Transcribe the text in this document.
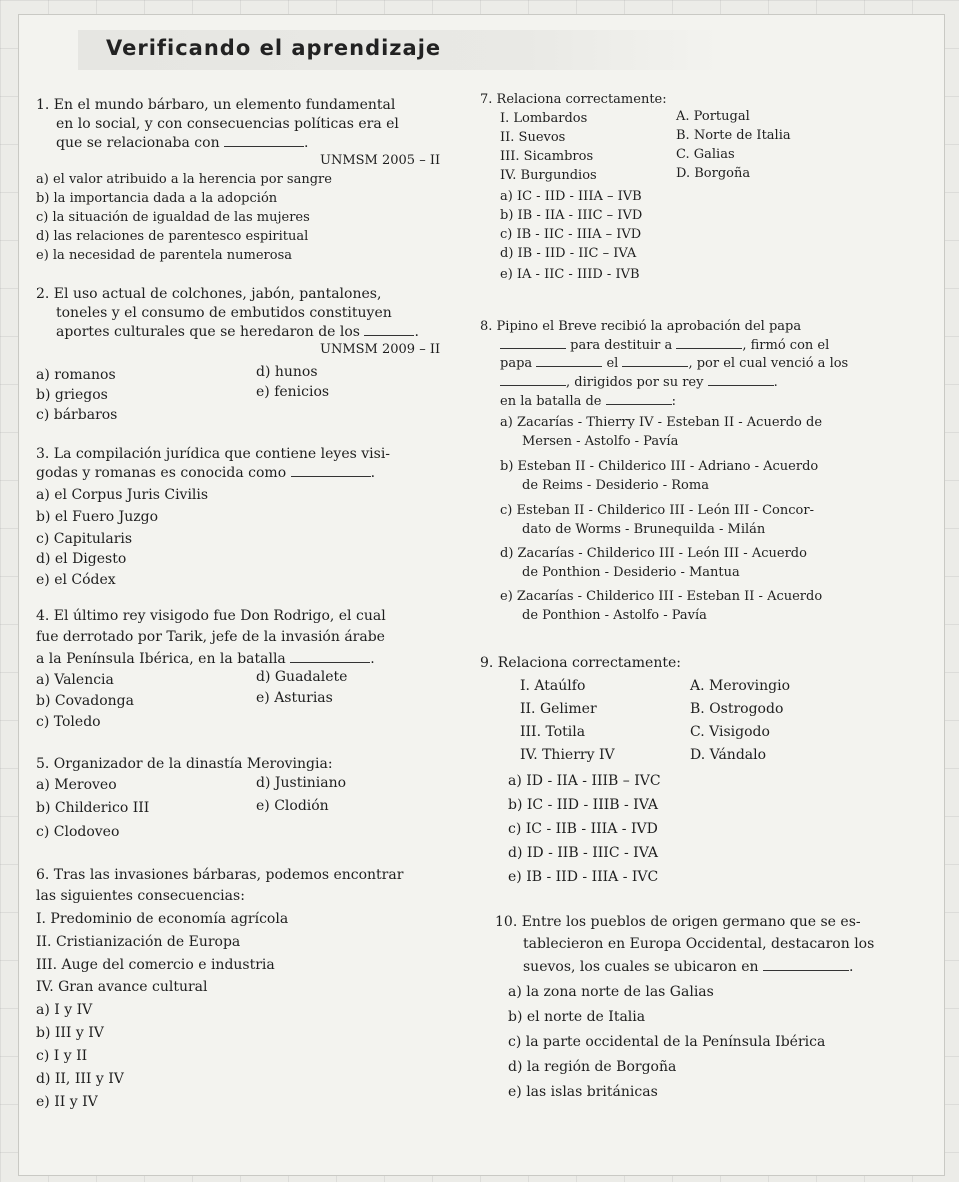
Verificando el aprendizaje
1. En el mundo bárbaro, un elemento fundamental
en lo social, y con consecuencias políticas era el
que se relacionaba con	.
UNMSM 2005 – II
a) el valor atribuido a la herencia por sangre
b) la importancia dada a la adopción
c) la situación de igualdad de las mujeres
d) las relaciones de parentesco espiritual
e) la necesidad de parentela numerosa
2. El uso actual de colchones, jabón, pantalones,
toneles y el consumo de embutidos constituyen
aportes culturales que se heredaron de los	.
UNMSM 2009 – II
a) romanos	d) hunos
b) griegos	e) fenicios
c) bárbaros
3. La compilación jurídica que contiene leyes visi-
godas y romanas es conocida como	.
a) el Corpus Juris Civilis
b) el Fuero Juzgo
c) Capitularis
d) el Digesto
e) el Códex
4. El último rey visigodo fue Don Rodrigo, el cual
fue derrotado por Tarik, jefe de la invasión árabe
a la Península Ibérica, en la batalla	.
a) Valencia	d) Guadalete
b) Covadonga	e) Asturias
c) Toledo
5. Organizador de la dinastía Merovingia:
a) Meroveo	d) Justiniano
b) Childerico III	e) Clodión
c) Clodoveo
6. Tras las invasiones bárbaras, podemos encontrar
las siguientes consecuencias:
I. Predominio de economía agrícola
II. Cristianización de Europa
III. Auge del comercio e industria
IV. Gran avance cultural
a) I y IV
b) III y IV
c) I y II
d) II, III y IV
e) II y IV
7. Relaciona correctamente:
I. Lombardos	A. Portugal
II. Suevos	B. Norte de Italia
III. Sicambros	C. Galias
IV. Burgundios	D. Borgoña
a) IC - IID - IIIA – IVB
b) IB - IIA - IIIC – IVD
c) IB - IIC - IIIA – IVD
d) IB - IID - IIC – IVA
e) IA - IIC - IIID - IVB
8. Pipino el Breve recibió la aprobación del papa
para destituir a	, firmó con el
papa	el	, por el cual venció a los
, dirigidos por su rey	.
en la batalla de	:
a) Zacarías - Thierry IV - Esteban II - Acuerdo de
Mersen - Astolfo - Pavía
b) Esteban II - Childerico III - Adriano - Acuerdo
de Reims - Desiderio - Roma
c) Esteban II - Childerico III - León III - Concor-
dato de Worms - Brunequilda - Milán
d) Zacarías - Childerico III - León III - Acuerdo
de Ponthion - Desiderio - Mantua
e) Zacarías - Childerico III - Esteban II - Acuerdo
de Ponthion - Astolfo - Pavía
9. Relaciona correctamente:
I. Ataúlfo	A. Merovingio
II. Gelimer	B. Ostrogodo
III. Totila	C. Visigodo
IV. Thierry IV	D. Vándalo
a) ID - IIA - IIIB – IVC
b) IC - IID - IIIB - IVA
c) IC - IIB - IIIA - IVD
d) ID - IIB - IIIC - IVA
e) IB - IID - IIIA - IVC
10. Entre los pueblos de origen germano que se es-
tablecieron en Europa Occidental, destacaron los
suevos, los cuales se ubicaron en	.
a) la zona norte de las Galias
b) el norte de Italia
c) la parte occidental de la Península Ibérica
d) la región de Borgoña
e) las islas británicas
